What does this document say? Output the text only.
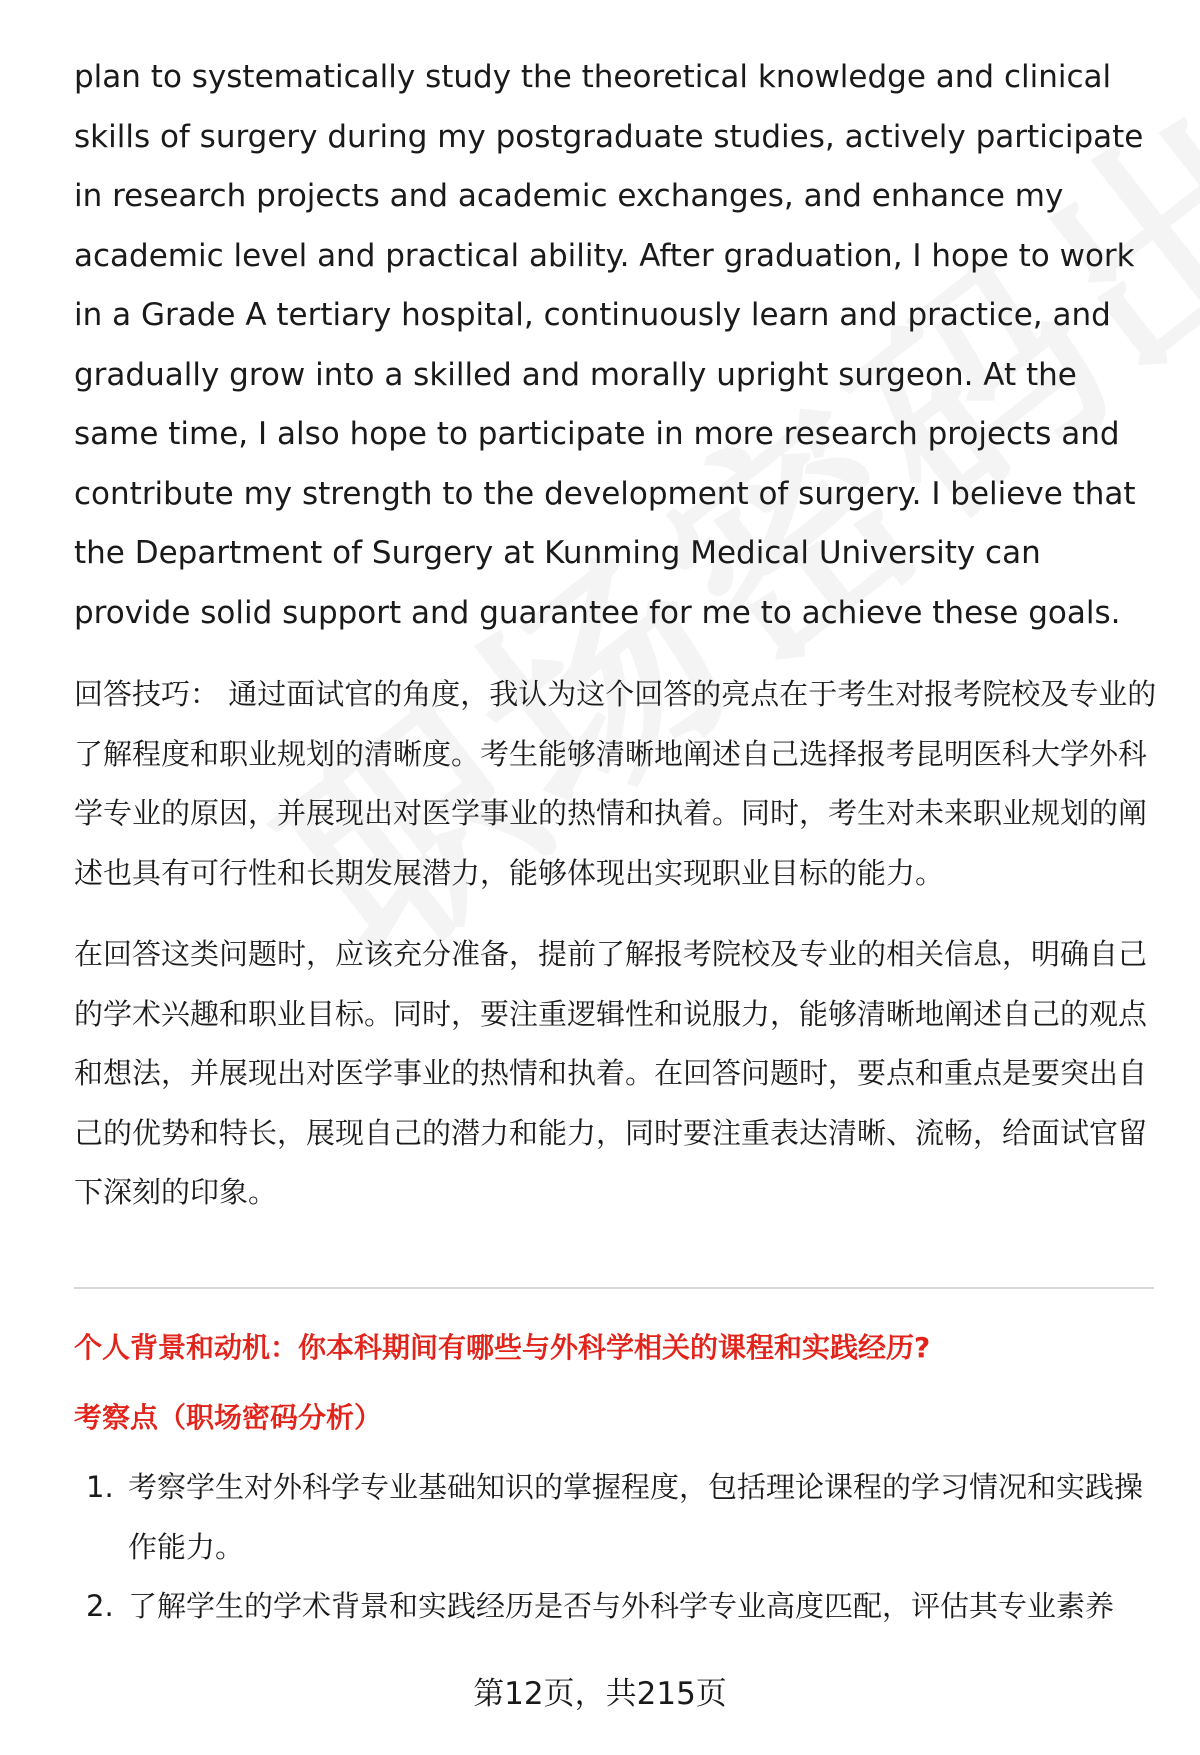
plan to systematically study the theoretical knowledge and clinical skills of surgery during my postgraduate studies, actively participate in research projects and academic exchanges, and enhance my academic level and practical ability. After graduation, I hope to work in a Grade A tertiary hospital, continuously learn and practice, and gradually grow into a skilled and morally upright surgeon. At the same time, I also hope to participate in more research projects and contribute my strength to the development of surgery. I believe that the Department of Surgery at Kunming Medical University can provide solid support and guarantee for me to achieve these goals.

回答技巧： 通过面试官的角度，我认为这个回答的亮点在于考生对报考院校及专业的了解程度和职业规划的清晰度。考生能够清晰地阐述自己选择报考昆明医科大学外科学专业的原因，并展现出对医学事业的热情和执着。同时，考生对未来职业规划的阐述也具有可行性和长期发展潜力，能够体现出实现职业目标的能力。

在回答这类问题时，应该充分准备，提前了解报考院校及专业的相关信息，明确自己的学术兴趣和职业目标。同时，要注重逻辑性和说服力，能够清晰地阐述自己的观点和想法，并展现出对医学事业的热情和执着。在回答问题时，要点和重点是要突出自己的优势和特长，展现自己的潜力和能力，同时要注重表达清晰、流畅，给面试官留下深刻的印象。

个人背景和动机：你本科期间有哪些与外科学相关的课程和实践经历?

考察点（职场密码分析）

1. 考察学生对外科学专业基础知识的掌握程度，包括理论课程的学习情况和实践操作能力。
2. 了解学生的学术背景和实践经历是否与外科学专业高度匹配，评估其专业素养
第12页，共215页
